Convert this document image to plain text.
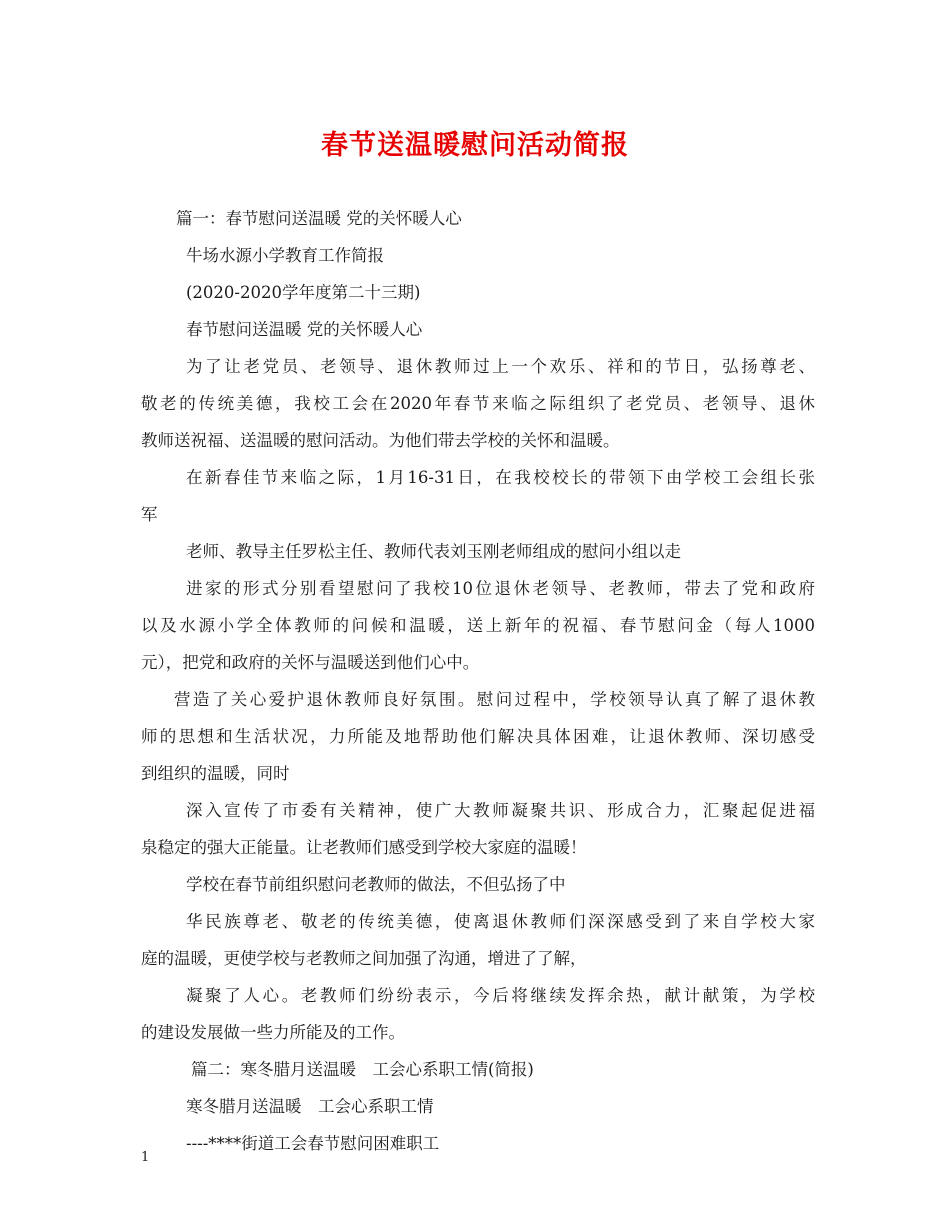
春节送温暖慰问活动简报
篇一：春节慰问送温暖 党的关怀暖人心
牛场水源小学教育工作简报
(2020-2020学年度第二十三期)
春节慰问送温暖 党的关怀暖人心
为了让老党员、老领导、退休教师过上一个欢乐、祥和的节日，弘扬尊老、
敬老的传统美德，我校工会在2020年春节来临之际组织了老党员、老领导、退休
教师送祝福、送温暖的慰问活动。为他们带去学校的关怀和温暖。
在新春佳节来临之际，1月16-31日，在我校校长的带领下由学校工会组长张
军
老师、教导主任罗松主任、教师代表刘玉刚老师组成的慰问小组以走
进家的形式分别看望慰问了我校10位退休老领导、老教师，带去了党和政府
以及水源小学全体教师的问候和温暖，送上新年的祝福、春节慰问金（每人1000
元），把党和政府的关怀与温暖送到他们心中。
营造了关心爱护退休教师良好氛围。慰问过程中，学校领导认真了解了退休教
师的思想和生活状况，力所能及地帮助他们解决具体困难，让退休教师、深切感受
到组织的温暖，同时
深入宣传了市委有关精神，使广大教师凝聚共识、形成合力，汇聚起促进福
泉稳定的强大正能量。让老教师们感受到学校大家庭的温暖！
学校在春节前组织慰问老教师的做法，不但弘扬了中
华民族尊老、敬老的传统美德，使离退休教师们深深感受到了来自学校大家
庭的温暖，更使学校与老教师之间加强了沟通，增进了了解，
凝聚了人心。老教师们纷纷表示，今后将继续发挥余热，献计献策，为学校
的建设发展做一些力所能及的工作。
篇二：寒冬腊月送温暖　工会心系职工情(简报)
寒冬腊月送温暖　工会心系职工情
----****街道工会春节慰问困难职工
1
